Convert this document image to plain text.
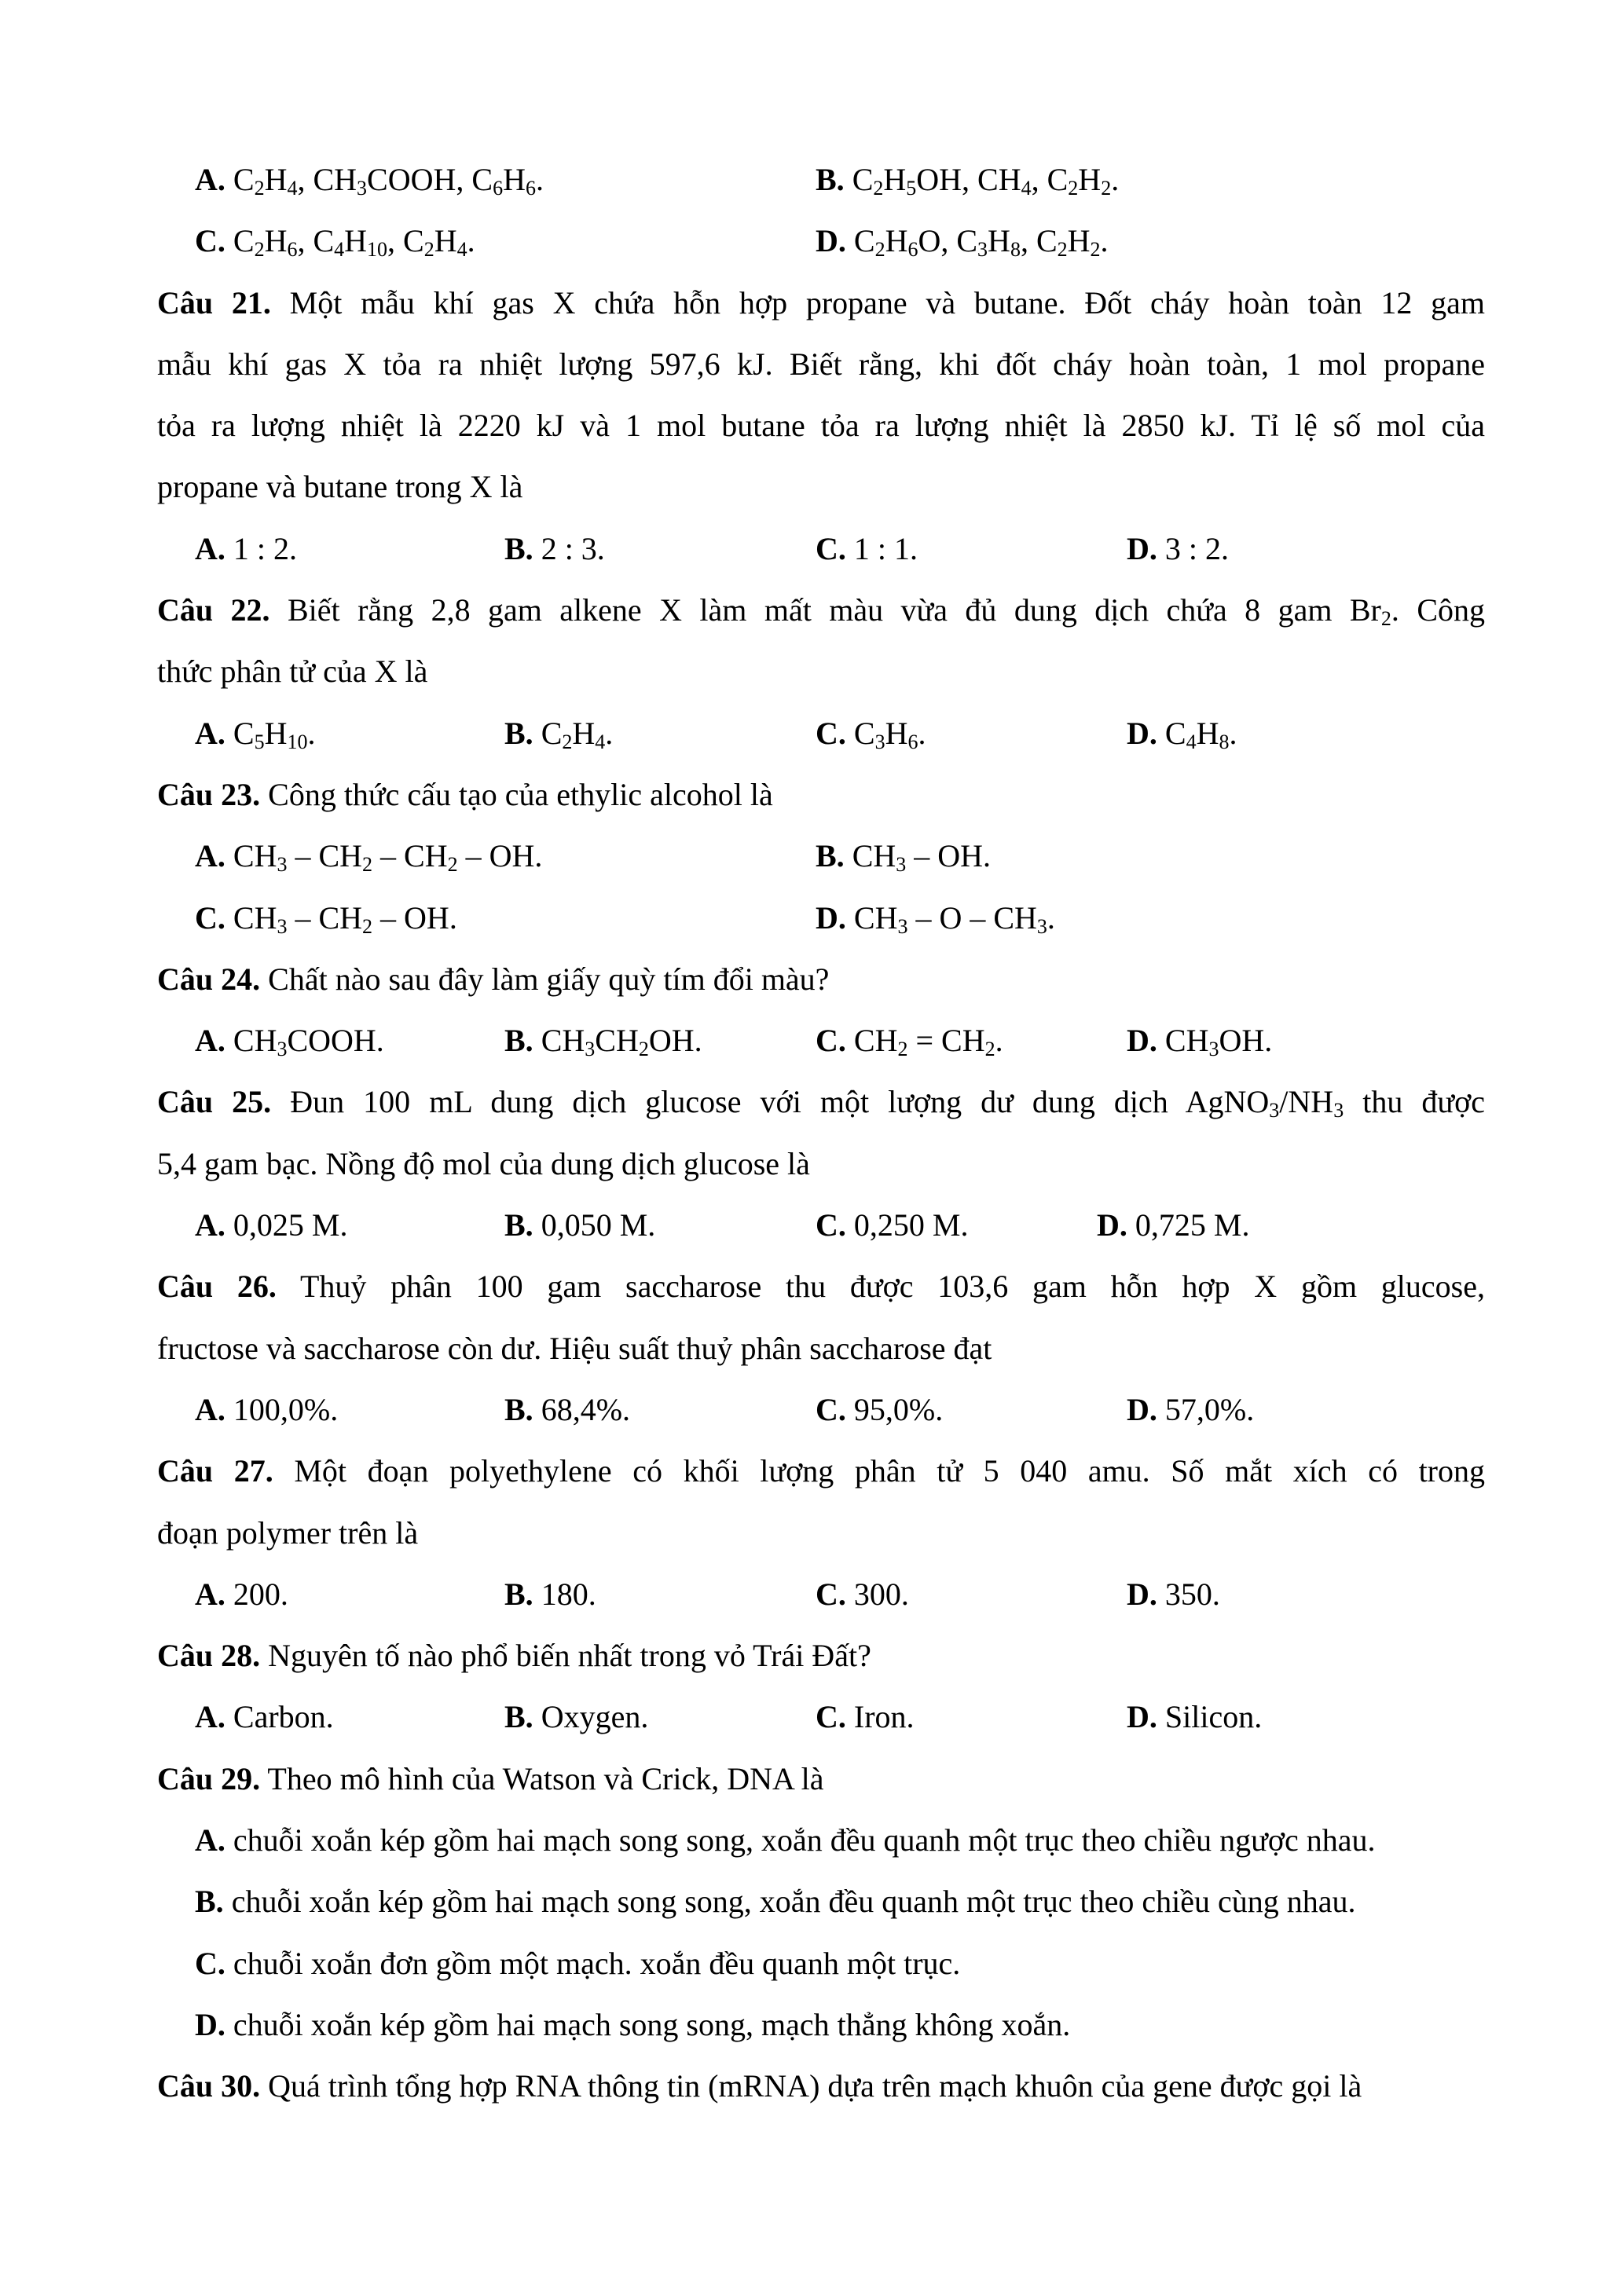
A. $C_2H_4$, $CH_3COOH$, $C_6H_6$.	B. $C_2H_5OH$, $CH_4$, $C_2H_2$.
C. $C_2H_6$, $C_4H_{10}$, $C_2H_4$.	D. $C_2H_6O$, $C_3H_8$, $C_2H_2$.
Câu 21. Một mẫu khí gas X chứa hỗn hợp propane và butane. Đốt cháy hoàn toàn 12 gam
mẫu khí gas X tỏa ra nhiệt lượng 597,6 kJ. Biết rằng, khi đốt cháy hoàn toàn, 1 mol propane
tỏa ra lượng nhiệt là 2220 kJ và 1 mol butane tỏa ra lượng nhiệt là 2850 kJ. Tỉ lệ số mol của
propane và butane trong X là
A. 1 : 2.	B. 2 : 3.	C. 1 : 1.	D. 3 : 2.
Câu 22. Biết rằng 2,8 gam alkene X làm mất màu vừa đủ dung dịch chứa 8 gam $Br_2$. Công
thức phân tử của X là
A. $C_5H_{10}$.	B. $C_2H_4$.	C. $C_3H_6$.	D. $C_4H_8$.
Câu 23. Công thức cấu tạo của ethylic alcohol là
A. $CH_3 - CH_2 - CH_2$ – OH.	B. $CH_3$ – OH.
C. $CH_3 - CH_2$ – OH.	D. $CH_3$ – O – $CH_3$.
Câu 24. Chất nào sau đây làm giấy quỳ tím đổi màu?
A. $CH_3COOH$.	B. $CH_3CH_2OH$.	C. $CH_2 = CH_2$.	D. $CH_3OH$.
Câu 25. Đun 100 mL dung dịch glucose với một lượng dư dung dịch $AgNO_3/NH_3$ thu được
5,4 gam bạc. Nồng độ mol của dung dịch glucose là
A. 0,025 M.	B. 0,050 M.	C. 0,250 M.	D. 0,725 M.
Câu 26. Thuỷ phân 100 gam saccharose thu được 103,6 gam hỗn hợp X gồm glucose,
fructose và saccharose còn dư. Hiệu suất thuỷ phân saccharose đạt
A. 100,0%.	B. 68,4%.	C. 95,0%.	D. 57,0%.
Câu 27. Một đoạn polyethylene có khối lượng phân tử 5 040 amu. Số mắt xích có trong
đoạn polymer trên là
A. 200.	B. 180.	C. 300.	D. 350.
Câu 28. Nguyên tố nào phổ biến nhất trong vỏ Trái Đất?
A. Carbon.	B. Oxygen.	C. Iron.	D. Silicon.
Câu 29. Theo mô hình của Watson và Crick, DNA là
A. chuỗi xoắn kép gồm hai mạch song song, xoắn đều quanh một trục theo chiều ngược nhau.
B. chuỗi xoắn kép gồm hai mạch song song, xoắn đều quanh một trục theo chiều cùng nhau.
C. chuỗi xoắn đơn gồm một mạch. xoắn đều quanh một trục.
D. chuỗi xoắn kép gồm hai mạch song song, mạch thẳng không xoắn.
Câu 30. Quá trình tổng hợp RNA thông tin (mRNA) dựa trên mạch khuôn của gene được gọi là
